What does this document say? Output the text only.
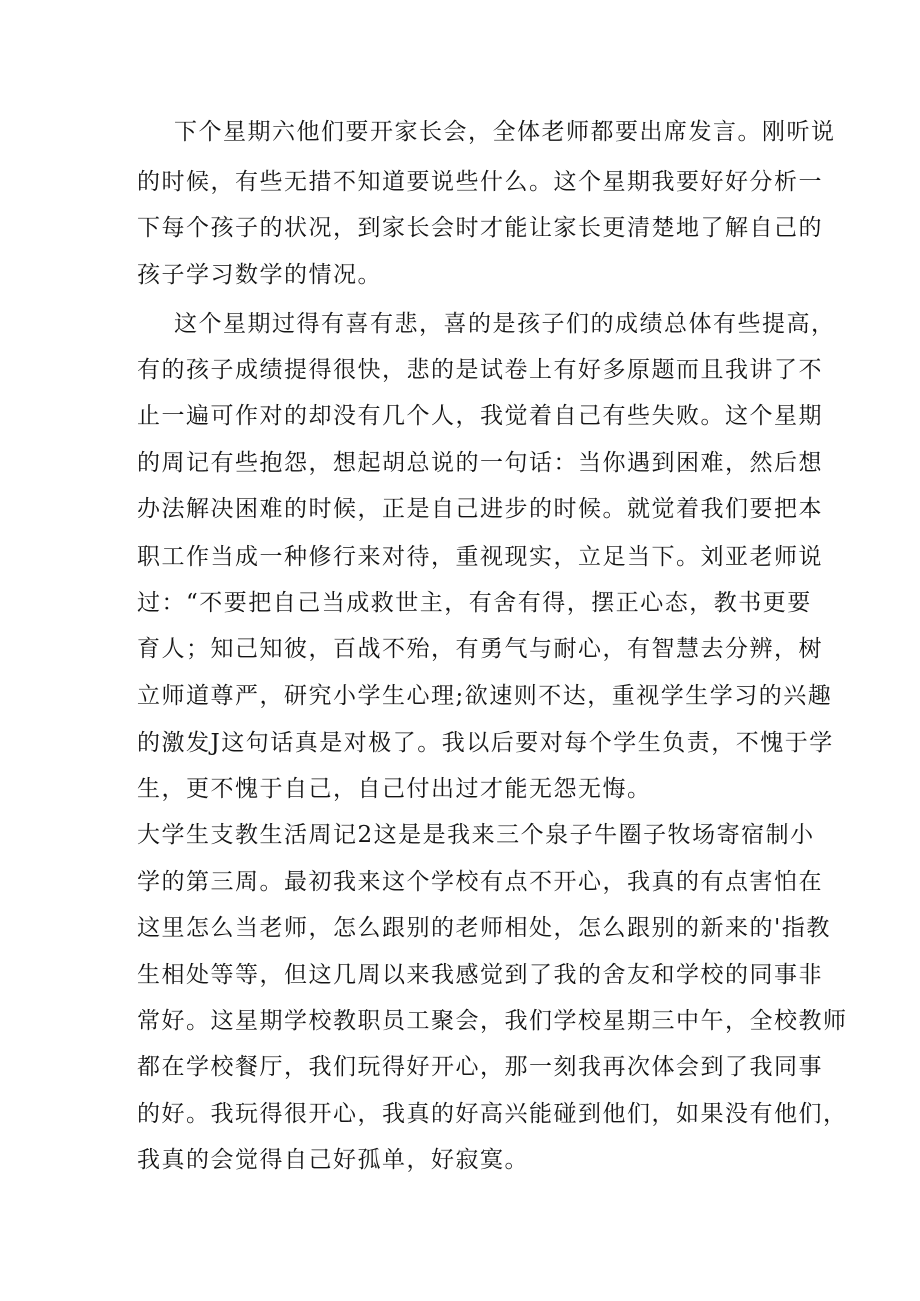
下个星期六他们要开家长会，全体老师都要出席发言。刚听说
的时候，有些无措不知道要说些什么。这个星期我要好好分析一
下每个孩子的状况，到家长会时才能让家长更清楚地了解自己的
孩子学习数学的情况。
这个星期过得有喜有悲，喜的是孩子们的成绩总体有些提高，
有的孩子成绩提得很快，悲的是试卷上有好多原题而且我讲了不
止一遍可作对的却没有几个人，我觉着自己有些失败。这个星期
的周记有些抱怨，想起胡总说的一句话：当你遇到困难，然后想
办法解决困难的时候，正是自己进步的时候。就觉着我们要把本
职工作当成一种修行来对待，重视现实，立足当下。刘亚老师说
过：“不要把自己当成救世主，有舍有得，摆正心态，教书更要
育人；知己知彼，百战不殆，有勇气与耐心，有智慧去分辨，树
立师道尊严，研究小学生心理;欲速则不达，重视学生学习的兴趣
的激发J这句话真是对极了。我以后要对每个学生负责，不愧于学
生，更不愧于自己，自己付出过才能无怨无悔。
大学生支教生活周记2这是是我来三个泉子牛圈子牧场寄宿制小
学的第三周。最初我来这个学校有点不开心，我真的有点害怕在
这里怎么当老师，怎么跟别的老师相处，怎么跟别的新来的'指教
生相处等等，但这几周以来我感觉到了我的舍友和学校的同事非
常好。这星期学校教职员工聚会，我们学校星期三中午，全校教师
都在学校餐厅，我们玩得好开心，那一刻我再次体会到了我同事
的好。我玩得很开心，我真的好高兴能碰到他们，如果没有他们，
我真的会觉得自己好孤单，好寂寞。
